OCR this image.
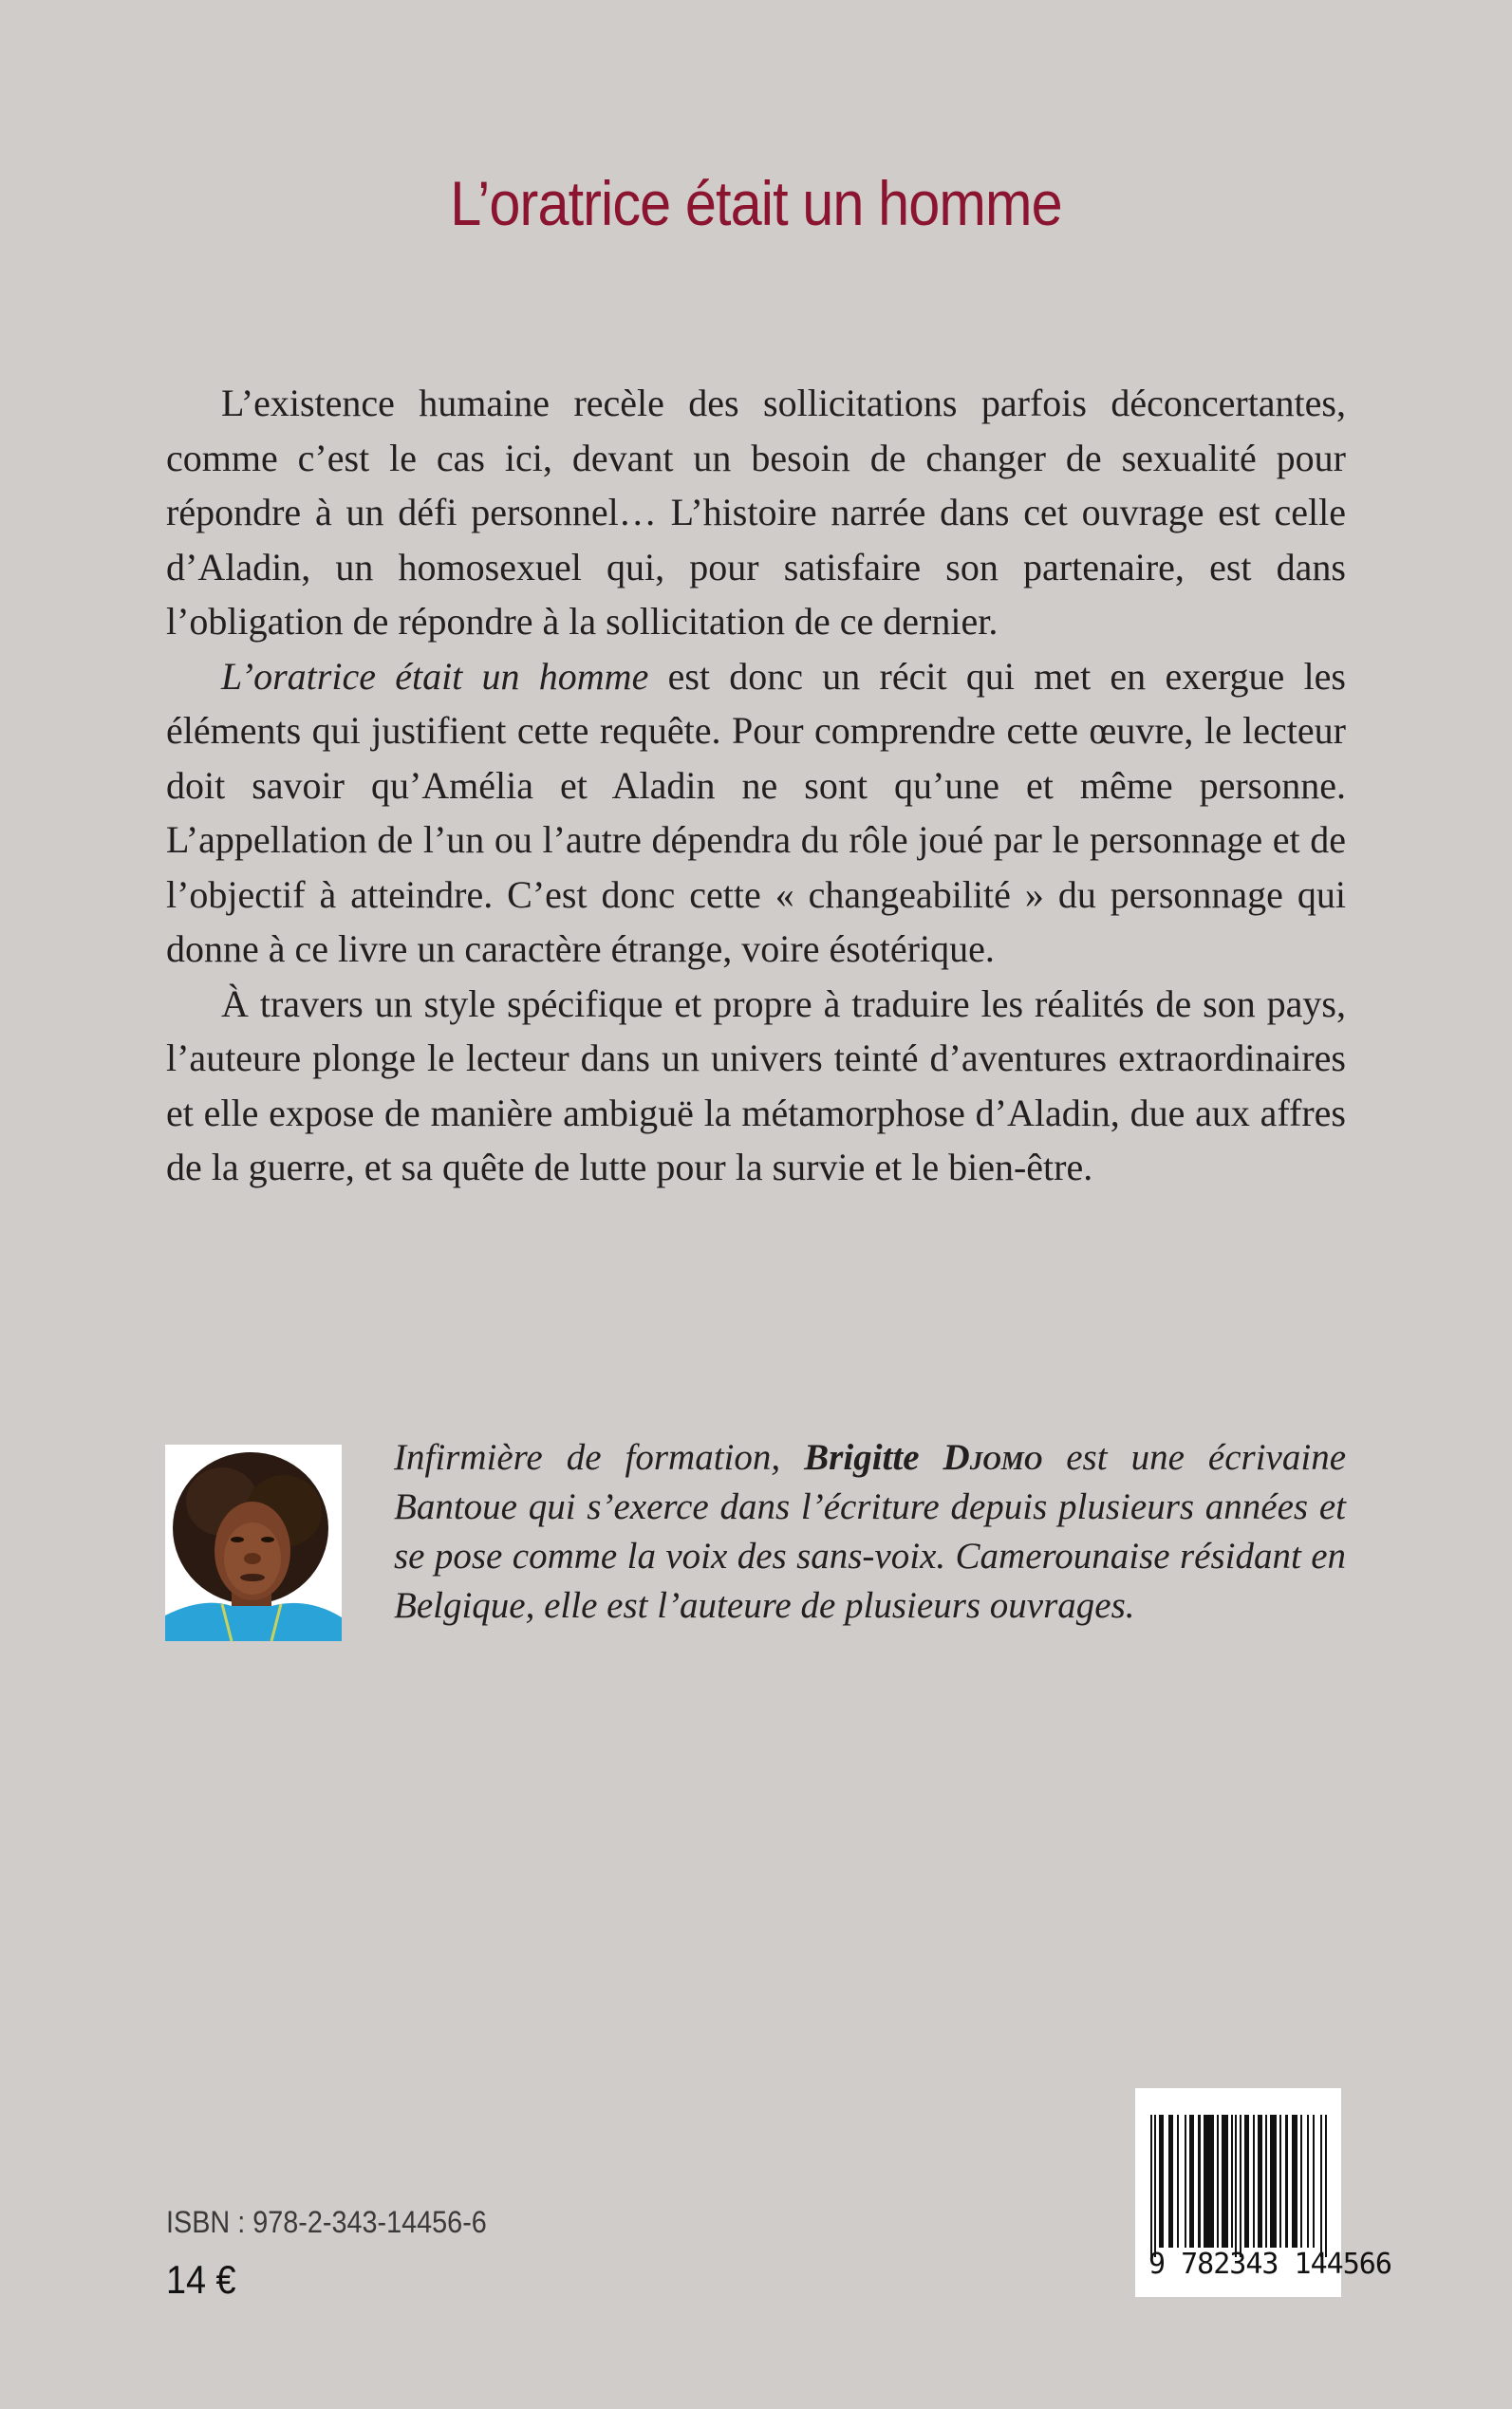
L’oratrice était un homme

L’existence humaine recèle des sollicitations parfois déconcertantes, comme c’est le cas ici, devant un besoin de changer de sexualité pour répondre à un défi personnel… L’histoire narrée dans cet ouvrage est celle d’Aladin, un homosexuel qui, pour satisfaire son partenaire, est dans l’obligation de répondre à la sollicitation de ce dernier.

L’oratrice était un homme est donc un récit qui met en exergue les éléments qui justifient cette requête. Pour comprendre cette œuvre, le lecteur doit savoir qu’Amélia et Aladin ne sont qu’une et même personne. L’appellation de l’un ou l’autre dépendra du rôle joué par le personnage et de l’objectif à atteindre. C’est donc cette « changeabilité » du personnage qui donne à ce livre un caractère étrange, voire ésotérique.

À travers un style spécifique et propre à traduire les réalités de son pays, l’auteure plonge le lecteur dans un univers teinté d’aventures extraordinaires et elle expose de manière ambiguë la métamorphose d’Aladin, due aux affres de la guerre, et sa quête de lutte pour la survie et le bien-être.

Infirmière de formation, Brigitte Djomo est une écrivaine Bantoue qui s’exerce dans l’écriture depuis plusieurs années et se pose comme la voix des sans-voix. Camerounaise résidant en Belgique, elle est l’auteure de plusieurs ouvrages.
ISBN : 978-2-343-14456-6
14 €	9 782343 144566
